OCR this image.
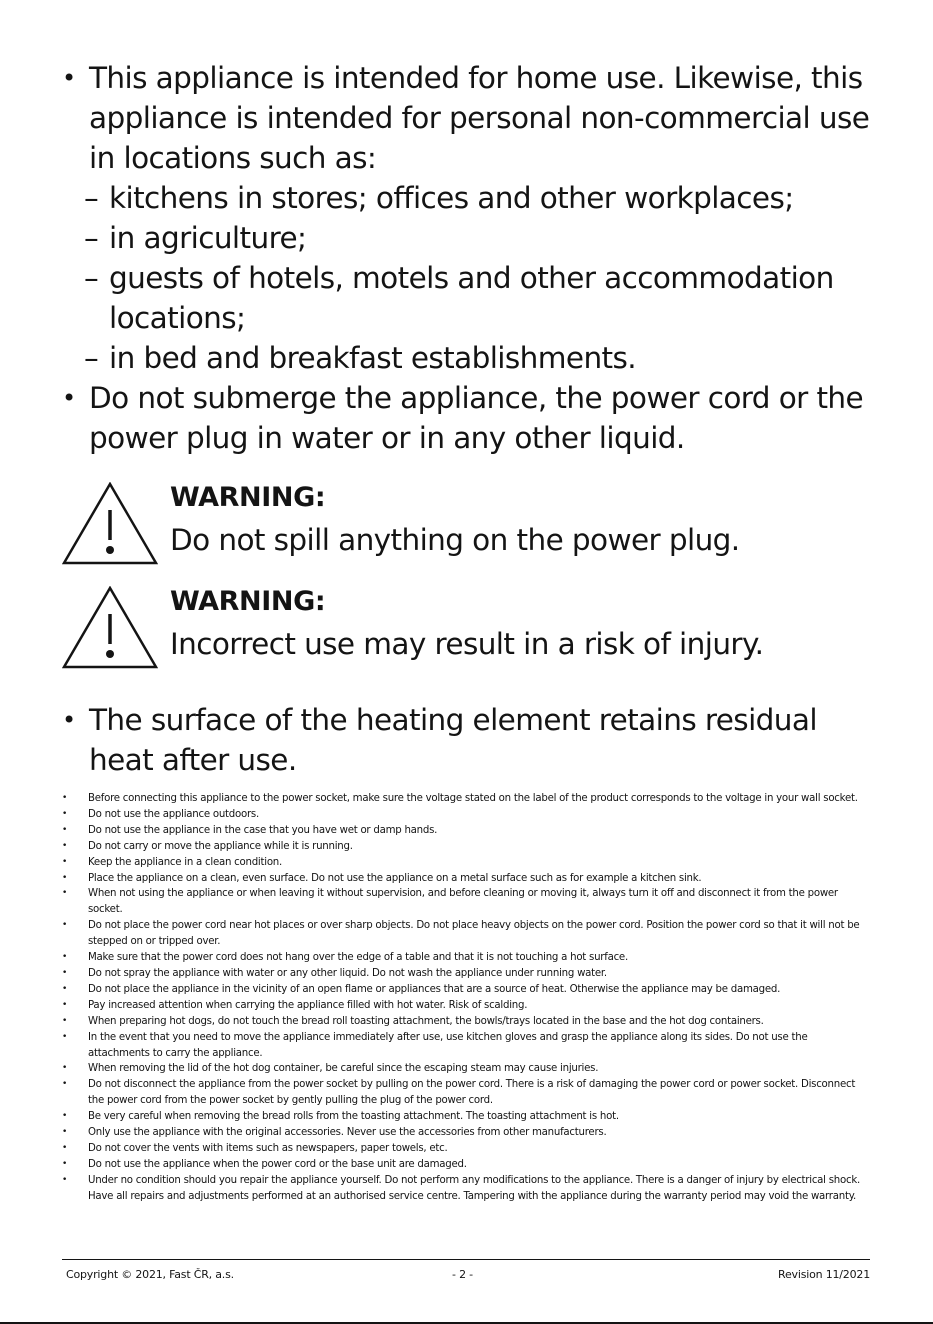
• This appliance is intended for home use. Likewise, this appliance is intended for personal non-commercial use in locations such as:
– kitchens in stores; offices and other workplaces;
– in agriculture;
– guests of hotels, motels and other accommodation locations;
– in bed and breakfast establishments.
• Do not submerge the appliance, the power cord or the power plug in water or in any other liquid.
WARNING:
Do not spill anything on the power plug.
WARNING:
Incorrect use may result in a risk of injury.
• The surface of the heating element retains residual heat after use.
• Before connecting this appliance to the power socket, make sure the voltage stated on the label of the product corresponds to the voltage in your wall socket.
• Do not use the appliance outdoors.
• Do not use the appliance in the case that you have wet or damp hands.
• Do not carry or move the appliance while it is running.
• Keep the appliance in a clean condition.
• Place the appliance on a clean, even surface. Do not use the appliance on a metal surface such as for example a kitchen sink.
• When not using the appliance or when leaving it without supervision, and before cleaning or moving it, always turn it off and disconnect it from the power socket.
• Do not place the power cord near hot places or over sharp objects. Do not place heavy objects on the power cord. Position the power cord so that it will not be stepped on or tripped over.
• Make sure that the power cord does not hang over the edge of a table and that it is not touching a hot surface.
• Do not spray the appliance with water or any other liquid. Do not wash the appliance under running water.
• Do not place the appliance in the vicinity of an open flame or appliances that are a source of heat. Otherwise the appliance may be damaged.
• Pay increased attention when carrying the appliance filled with hot water. Risk of scalding.
• When preparing hot dogs, do not touch the bread roll toasting attachment, the bowls/trays located in the base and the hot dog containers.
• In the event that you need to move the appliance immediately after use, use kitchen gloves and grasp the appliance along its sides. Do not use the attachments to carry the appliance.
• When removing the lid of the hot dog container, be careful since the escaping steam may cause injuries.
• Do not disconnect the appliance from the power socket by pulling on the power cord. There is a risk of damaging the power cord or power socket. Disconnect the power cord from the power socket by gently pulling the plug of the power cord.
• Be very careful when removing the bread rolls from the toasting attachment. The toasting attachment is hot.
• Only use the appliance with the original accessories. Never use the accessories from other manufacturers.
• Do not cover the vents with items such as newspapers, paper towels, etc.
• Do not use the appliance when the power cord or the base unit are damaged.
• Under no condition should you repair the appliance yourself. Do not perform any modifications to the appliance. There is a danger of injury by electrical shock. Have all repairs and adjustments performed at an authorised service centre. Tampering with the appliance during the warranty period may void the warranty.
Copyright © 2021, Fast ČR, a.s.	- 2 -	Revision 11/2021
